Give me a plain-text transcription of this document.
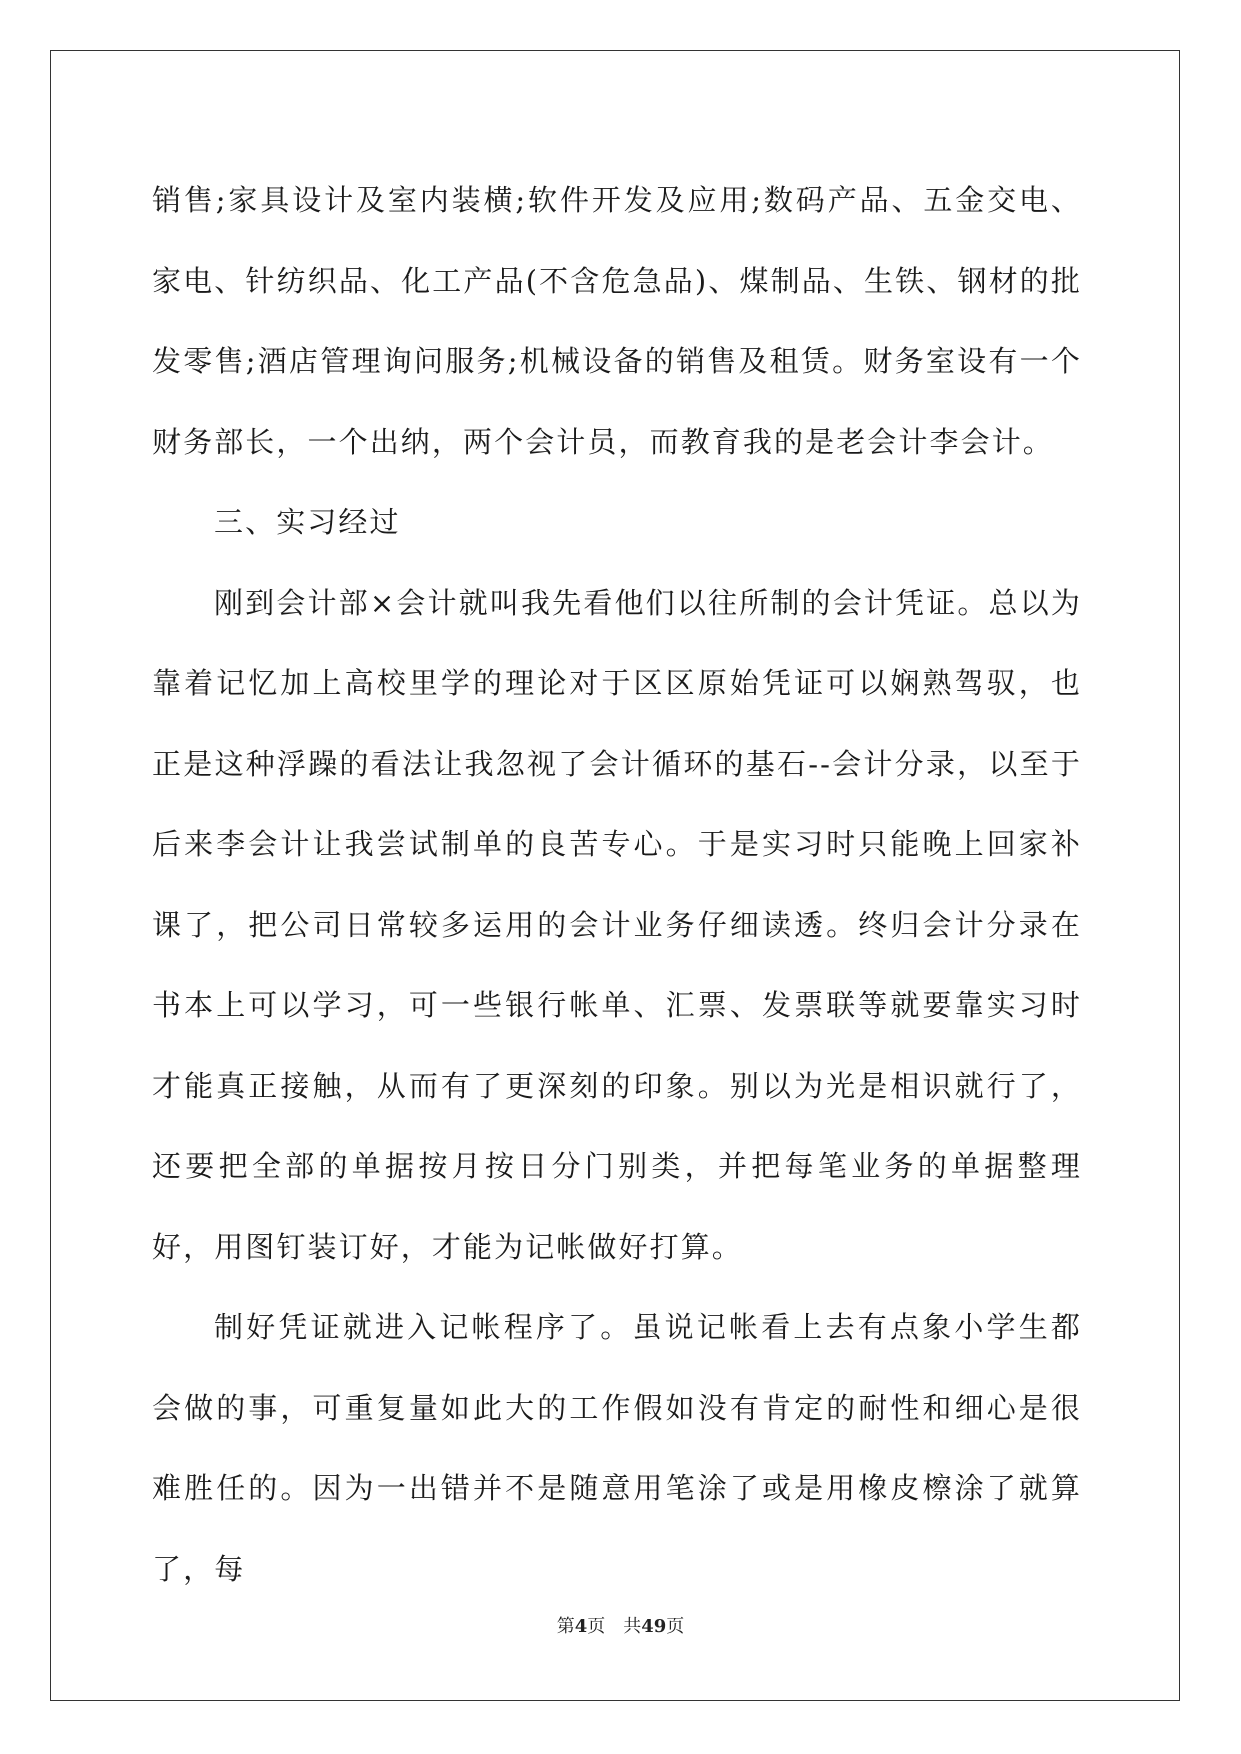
销售;家具设计及室内装横;软件开发及应用;数码产品、五金交电、家电、针纺织品、化工产品(不含危急品)、煤制品、生铁、钢材的批发零售;酒店管理询问服务;机械设备的销售及租赁。财务室设有一个财务部长，一个出纳，两个会计员，而教育我的是老会计李会计。

三、实习经过

刚到会计部×会计就叫我先看他们以往所制的会计凭证。总以为靠着记忆加上高校里学的理论对于区区原始凭证可以娴熟驾驭，也正是这种浮躁的看法让我忽视了会计循环的基石--会计分录，以至于后来李会计让我尝试制单的良苦专心。于是实习时只能晚上回家补课了，把公司日常较多运用的会计业务仔细读透。终归会计分录在书本上可以学习，可一些银行帐单、汇票、发票联等就要靠实习时才能真正接触，从而有了更深刻的印象。别以为光是相识就行了，还要把全部的单据按月按日分门别类，并把每笔业务的单据整理好，用图钉装订好，才能为记帐做好打算。

制好凭证就进入记帐程序了。虽说记帐看上去有点象小学生都会做的事，可重复量如此大的工作假如没有肯定的耐性和细心是很难胜任的。因为一出错并不是随意用笔涂了或是用橡皮檫涂了就算了，每

第4页 共49页
